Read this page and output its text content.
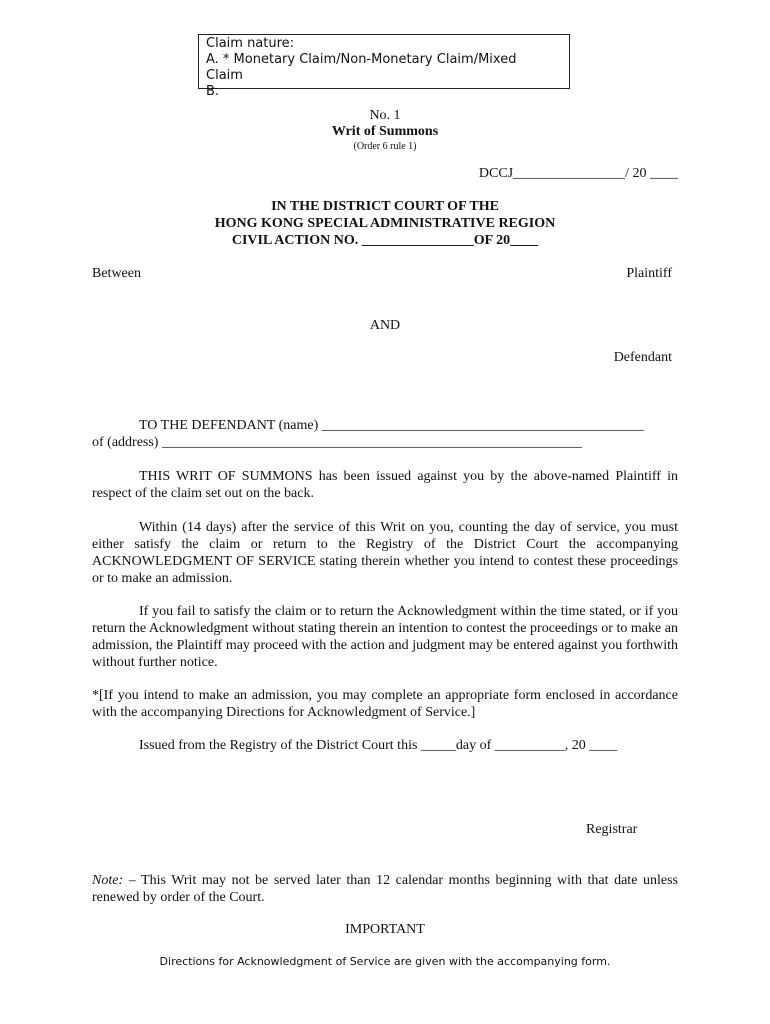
Claim nature:
A. * Monetary Claim/Non-Monetary Claim/Mixed
Claim
B.
No. 1
Writ of Summons
(Order 6 rule 1)
DCCJ________________/ 20 ____
IN THE DISTRICT COURT OF THE
HONG KONG SPECIAL ADMINISTRATIVE REGION
CIVIL ACTION NO. ________________OF 20____
Between	Plaintiff
AND
Defendant
TO THE DEFENDANT (name) ______________________________________________
of (address) ____________________________________________________________
THIS WRIT OF SUMMONS has been issued against you by the above-named Plaintiff in respect of the claim set out on the back.
Within (14 days) after the service of this Writ on you, counting the day of service, you must either satisfy the claim or return to the Registry of the District Court the accompanying ACKNOWLEDGMENT OF SERVICE stating therein whether you intend to contest these proceedings or to make an admission.
If you fail to satisfy the claim or to return the Acknowledgment within the time stated, or if you return the Acknowledgment without stating therein an intention to contest the proceedings or to make an admission, the Plaintiff may proceed with the action and judgment may be entered against you forthwith without further notice.
*[If you intend to make an admission, you may complete an appropriate form enclosed in accordance with the accompanying Directions for Acknowledgment of Service.]
Issued from the Registry of the District Court this _____day of __________, 20 ____
Registrar
Note: – This Writ may not be served later than 12 calendar months beginning with that date unless renewed by order of the Court.
IMPORTANT
Directions for Acknowledgment of Service are given with the accompanying form.
